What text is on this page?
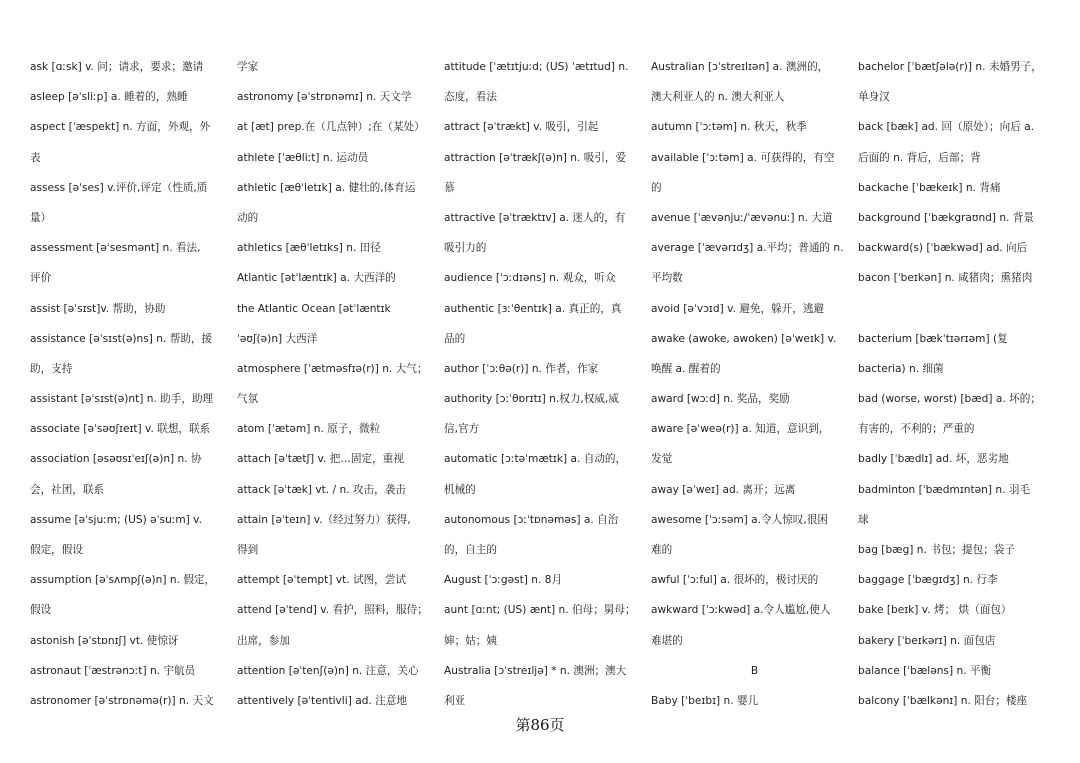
ask [ɑːsk] v. 问；请求，要求；邀请
asleep [əˈsliːp] a. 睡着的，熟睡
aspect [ˈæspekt] n. 方面，外观，外
表
assess [əˈses] v.评价,评定（性质,质
量）
assessment [əˈsesmənt] n. 看法,
评价
assist [əˈsɪst]v. 帮助，协助
assistance [əˈsɪst(ə)ns] n. 帮助，援
助，支持
assistant [əˈsɪst(ə)nt] n. 助手，助理
associate [əˈsəʊʃɪeɪt] v. 联想，联系
association [əsəʊsɪˈeɪʃ(ə)n] n. 协
会，社团，联系
assume [əˈsjuːm; (US) əˈsuːm] v.
假定，假设
assumption [əˈsʌmpʃ(ə)n] n. 假定，
假设
astonish [əˈstɒnɪʃ] vt. 使惊讶
astronaut [ˈæstrənɔːt] n. 宇航员
astronomer [əˈstrɒnəmə(r)] n. 天文
学家
astronomy [əˈstrɒnəmɪ] n. 天文学
at [æt] prep.在（几点钟）;在（某处）
athlete [ˈæθliːt] n. 运动员
athletic [æθˈletɪk] a. 健壮的,体育运
动的
athletics [æθˈletɪks] n. 田径
Atlantic [ətˈlæntɪk] a. 大西洋的
the Atlantic Ocean [ətˈlæntɪk
ˈəʊʃ(ə)n] 大西洋
atmosphere [ˈætməsfɪə(r)] n. 大气；
气氛
atom [ˈætəm] n. 原子，微粒
attach [əˈtætʃ] v. 把…固定，重视
attack [əˈtæk] vt. / n. 攻击，袭击
attain [əˈteɪn] v.（经过努力）获得,
得到
attempt [əˈtempt] vt. 试图，尝试
attend [əˈtend] v. 看护，照料，服侍；
出席，参加
attention [əˈtenʃ(ə)n] n. 注意，关心
attentively [əˈtentivli] ad. 注意地
attitude [ˈætɪtjuːd; (US) ˈætɪtud] n.
态度，看法
attract [əˈtrækt] v. 吸引，引起
attraction [əˈtrækʃ(ə)n] n. 吸引，爱
慕
attractive [əˈtræktɪv] a. 迷人的，有
吸引力的
audience [ˈɔːdɪəns] n. 观众，听众
authentic [ɜːˈθentɪk] a. 真正的，真
品的
author [ˈɔːθə(r)] n. 作者，作家
authority [ɔːˈθɒrɪtɪ] n.权力,权威,威
信,官方
automatic [ɔːtəˈmætɪk] a. 自动的，
机械的
autonomous [ɔːˈtɒnəməs] a. 自治
的，自主的
August [ˈɔːgəst] n. 8月
aunt [ɑːnt; (US) ænt] n. 伯母；舅母；
婶；姑；姨
Australia [ɔˈstreɪljə] * n. 澳洲；澳大
利亚
Australian [ɔˈstreɪlɪən] a. 澳洲的，
澳大利亚人的 n. 澳大利亚人
autumn [ˈɔːtəm] n. 秋天，秋季
available [ˈɔːtəm] a. 可获得的，有空
的
avenue [ˈævənjuː/ˈævənuː] n. 大道
average [ˈævərɪdʒ] a.平均；普通的 n.
平均数
avoid [əˈvɔɪd] v. 避免，躲开，逃避
awake (awoke, awoken) [əˈweɪk] v.
唤醒 a. 醒着的
award [wɔːd] n. 奖品，奖励
aware [əˈweə(r)] a. 知道，意识到，
发觉
away [əˈweɪ] ad. 离开；远离
awesome [ˈɔːsəm] a.令人惊叹,很困
难的
awful [ˈɔːful] a. 很坏的，极讨厌的
awkward [ˈɔːkwəd] a.令人尴尬,使人
难堪的
B
Baby [ˈbeɪbɪ] n. 婴儿
bachelor [ˈbætʃələ(r)] n. 未婚男子，
单身汉
back [bæk] ad. 回（原处）；向后 a.
后面的 n. 背后，后部；背
backache [ˈbækeɪk] n. 背痛
background [ˈbækgraʊnd] n. 背景
backward(s) [ˈbækwəd] ad. 向后
bacon [ˈbeɪkən] n. 咸猪肉；熏猪肉
bacterium [bækˈtɪərɪəm] (复
bacteria) n. 细菌
bad (worse, worst) [bæd] a. 坏的；
有害的，不利的；严重的
badly [ˈbædlɪ] ad. 坏，恶劣地
badminton [ˈbædmɪntən] n. 羽毛
球
bag [bæg] n. 书包；提包；袋子
baggage [ˈbægɪdʒ] n. 行李
bake [beɪk] v. 烤； 烘（面包）
bakery [ˈbeɪkərɪ] n. 面包店
balance [ˈbæləns] n. 平衡
balcony [ˈbælkənɪ] n. 阳台；楼座
第86页
